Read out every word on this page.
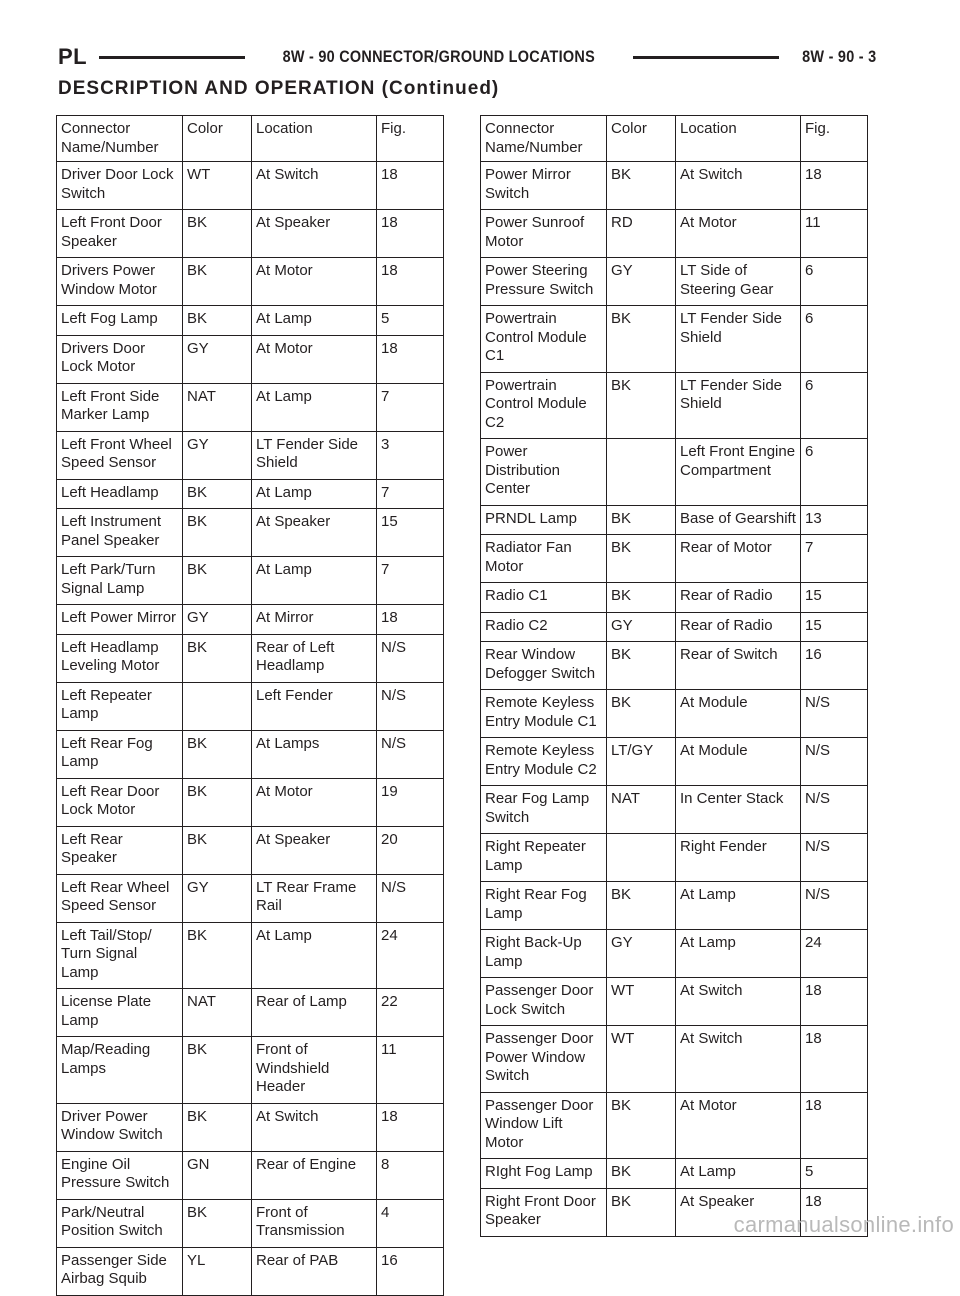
PL	8W - 90 CONNECTOR/GROUND LOCATIONS	8W - 90 - 3
DESCRIPTION AND OPERATION (Continued)
Connector Name/Number	Color	Location	Fig.
Driver Door Lock Switch	WT	At Switch	18
Left Front Door Speaker	BK	At Speaker	18
Drivers Power Window Motor	BK	At Motor	18
Left Fog Lamp	BK	At Lamp	5
Drivers Door Lock Motor	GY	At Motor	18
Left Front Side Marker Lamp	NAT	At Lamp	7
Left Front Wheel Speed Sensor	GY	LT Fender Side Shield	3
Left Headlamp	BK	At Lamp	7
Left Instrument Panel Speaker	BK	At Speaker	15
Left Park/Turn Signal Lamp	BK	At Lamp	7
Left Power Mirror	GY	At Mirror	18
Left Headlamp Leveling Motor	BK	Rear of Left Headlamp	N/S
Left Repeater Lamp		Left Fender	N/S
Left Rear Fog Lamp	BK	At Lamps	N/S
Left Rear Door Lock Motor	BK	At Motor	19
Left Rear Speaker	BK	At Speaker	20
Left Rear Wheel Speed Sensor	GY	LT Rear Frame Rail	N/S
Left Tail/Stop/ Turn Signal Lamp	BK	At Lamp	24
License Plate Lamp	NAT	Rear of Lamp	22
Map/Reading Lamps	BK	Front of Windshield Header	11
Driver Power Window Switch	BK	At Switch	18
Engine Oil Pressure Switch	GN	Rear of Engine	8
Park/Neutral Position Switch	BK	Front of Transmission	4
Passenger Side Airbag Squib	YL	Rear of PAB	16
Connector Name/Number	Color	Location	Fig.
Power Mirror Switch	BK	At Switch	18
Power Sunroof Motor	RD	At Motor	11
Power Steering Pressure Switch	GY	LT Side of Steering Gear	6
Powertrain Control Module C1	BK	LT Fender Side Shield	6
Powertrain Control Module C2	BK	LT Fender Side Shield	6
Power Distribution Center		Left Front Engine Compartment	6
PRNDL Lamp	BK	Base of Gearshift	13
Radiator Fan Motor	BK	Rear of Motor	7
Radio C1	BK	Rear of Radio	15
Radio C2	GY	Rear of Radio	15
Rear Window Defogger Switch	BK	Rear of Switch	16
Remote Keyless Entry Module C1	BK	At Module	N/S
Remote Keyless Entry Module C2	LT/GY	At Module	N/S
Rear Fog Lamp Switch	NAT	In Center Stack	N/S
Right Repeater Lamp		Right Fender	N/S
Right Rear Fog Lamp	BK	At Lamp	N/S
Right Back-Up Lamp	GY	At Lamp	24
Passenger Door Lock Switch	WT	At Switch	18
Passenger Door Power Window Switch	WT	At Switch	18
Passenger Door Window Lift Motor	BK	At Motor	18
RIght Fog Lamp	BK	At Lamp	5
Right Front Door Speaker	BK	At Speaker	18
carmanualsonline.info
